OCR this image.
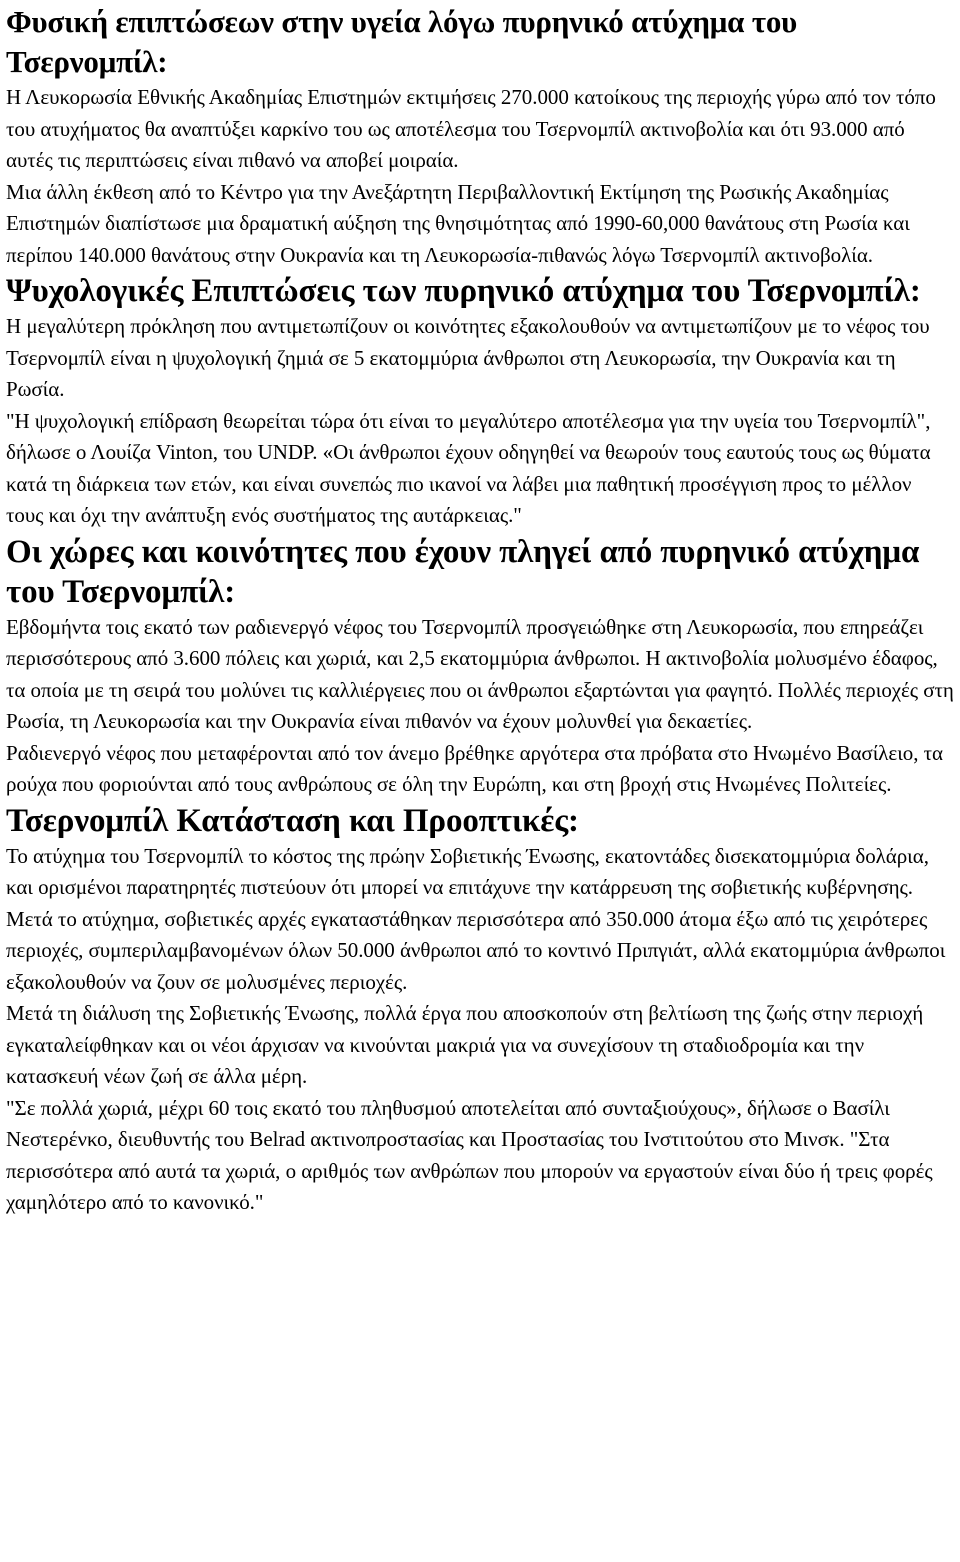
Φυσική επιπτώσεων στην υγεία λόγω πυρηνικό ατύχημα του Τσερνομπίλ:

Η Λευκορωσία Εθνικής Ακαδημίας Επιστημών εκτιμήσεις 270.000 κατοίκους της περιοχής γύρω από τον τόπο του ατυχήματος θα αναπτύξει καρκίνο του ως αποτέλεσμα του Τσερνομπίλ ακτινοβολία και ότι 93.000 από αυτές τις περιπτώσεις είναι πιθανό να αποβεί μοιραία.

Μια άλλη έκθεση από το Κέντρο για την Ανεξάρτητη Περιβαλλοντική Εκτίμηση της Ρωσικής Ακαδημίας Επιστημών διαπίστωσε μια δραματική αύξηση της θνησιμότητας από 1990-60,000 θανάτους στη Ρωσία και περίπου 140.000 θανάτους στην Ουκρανία και τη Λευκορωσία-πιθανώς λόγω Τσερνομπίλ ακτινοβολία.

Ψυχολογικές Επιπτώσεις των πυρηνικό ατύχημα του Τσερνομπίλ:

Η μεγαλύτερη πρόκληση που αντιμετωπίζουν οι κοινότητες εξακολουθούν να αντιμετωπίζουν με το νέφος του Τσερνομπίλ είναι η ψυχολογική ζημιά σε 5 εκατομμύρια άνθρωποι στη Λευκορωσία, την Ουκρανία και τη Ρωσία.

"Η ψυχολογική επίδραση θεωρείται τώρα ότι είναι το μεγαλύτερο αποτέλεσμα για την υγεία του Τσερνομπίλ", δήλωσε ο Λουίζα Vinton, του UNDP. «Οι άνθρωποι έχουν οδηγηθεί να θεωρούν τους εαυτούς τους ως θύματα κατά τη διάρκεια των ετών, και είναι συνεπώς πιο ικανοί να λάβει μια παθητική προσέγγιση προς το μέλλον τους και όχι την ανάπτυξη ενός συστήματος της αυτάρκειας."

Οι χώρες και κοινότητες που έχουν πληγεί από πυρηνικό ατύχημα του Τσερνομπίλ:

Εβδομήντα τοις εκατό των ραδιενεργό νέφος του Τσερνομπίλ προσγειώθηκε στη Λευκορωσία, που επηρεάζει περισσότερους από 3.600 πόλεις και χωριά, και 2,5 εκατομμύρια άνθρωποι. Η ακτινοβολία μολυσμένο έδαφος, τα οποία με τη σειρά του μολύνει τις καλλιέργειες που οι άνθρωποι εξαρτώνται για φαγητό. Πολλές περιοχές στη Ρωσία, τη Λευκορωσία και την Ουκρανία είναι πιθανόν να έχουν μολυνθεί για δεκαετίες.

Ραδιενεργό νέφος που μεταφέρονται από τον άνεμο βρέθηκε αργότερα στα πρόβατα στο Ηνωμένο Βασίλειο, τα ρούχα που φοριούνται από τους ανθρώπους σε όλη την Ευρώπη, και στη βροχή στις Ηνωμένες Πολιτείες.

Τσερνομπίλ Κατάσταση και Προοπτικές:

Το ατύχημα του Τσερνομπίλ το κόστος της πρώην Σοβιετικής Ένωσης, εκατοντάδες δισεκατομμύρια δολάρια, και ορισμένοι παρατηρητές πιστεύουν ότι μπορεί να επιτάχυνε την κατάρρευση της σοβιετικής κυβέρνησης.

Μετά το ατύχημα, σοβιετικές αρχές εγκαταστάθηκαν περισσότερα από 350.000 άτομα έξω από τις χειρότερες περιοχές, συμπεριλαμβανομένων όλων 50.000 άνθρωποι από το κοντινό Πριπγιάτ, αλλά εκατομμύρια άνθρωποι εξακολουθούν να ζουν σε μολυσμένες περιοχές.

Μετά τη διάλυση της Σοβιετικής Ένωσης, πολλά έργα που αποσκοπούν στη βελτίωση της ζωής στην περιοχή εγκαταλείφθηκαν και οι νέοι άρχισαν να κινούνται μακριά για να συνεχίσουν τη σταδιοδρομία και την κατασκευή νέων ζωή σε άλλα μέρη.

"Σε πολλά χωριά, μέχρι 60 τοις εκατό του πληθυσμού αποτελείται από συνταξιούχους», δήλωσε ο Βασίλι Νεστερένκο, διευθυντής του Belrad ακτινοπροστασίας και Προστασίας του Ινστιτούτου στο Μινσκ. "Στα περισσότερα από αυτά τα χωριά, ο αριθμός των ανθρώπων που μπορούν να εργαστούν είναι δύο ή τρεις φορές χαμηλότερο από το κανονικό."
